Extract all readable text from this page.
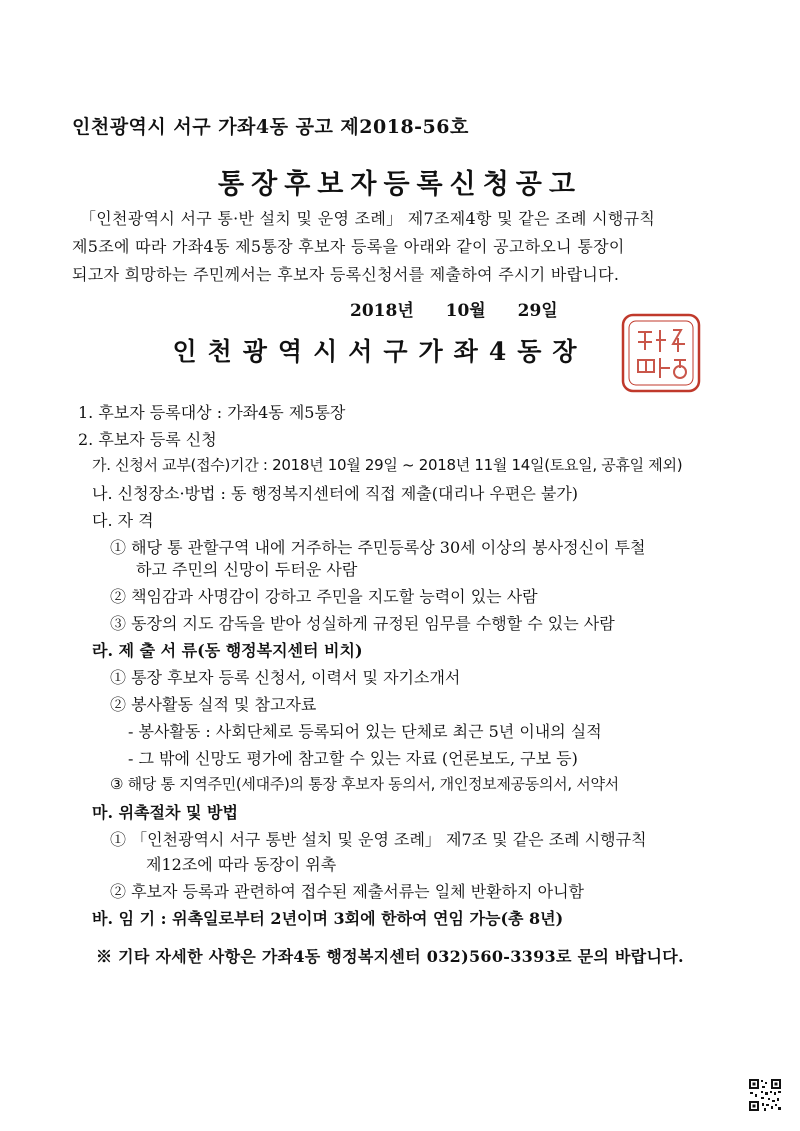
인천광역시 서구 가좌4동 공고 제2018-56호
통장후보자등록신청공고
「인천광역시 서구 통·반 설치 및 운영 조례」 제7조제4항 및 같은 조례 시행규칙
제5조에 따라 가좌4동 제5통장 후보자 등록을 아래와 같이 공고하오니 통장이
되고자 희망하는 주민께서는 후보자 등록신청서를 제출하여 주시기 바랍니다.
2018년 10월 29일
인천광역시서구가좌4동장
1. 후보자 등록대상 : 가좌4동 제5통장
2. 후보자 등록 신청
가. 신청서 교부(접수)기간 : 2018년 10월 29일 ~ 2018년 11월 14일(토요일, 공휴일 제외)
나. 신청장소·방법 : 동 행정복지센터에 직접 제출(대리나 우편은 불가)
다. 자 격
① 해당 통 관할구역 내에 거주하는 주민등록상 30세 이상의 봉사정신이 투철
하고 주민의 신망이 두터운 사람
② 책임감과 사명감이 강하고 주민을 지도할 능력이 있는 사람
③ 동장의 지도 감독을 받아 성실하게 규정된 임무를 수행할 수 있는 사람
라. 제 출 서 류(동 행정복지센터 비치)
① 통장 후보자 등록 신청서, 이력서 및 자기소개서
② 봉사활동 실적 및 참고자료
- 봉사활동 : 사회단체로 등록되어 있는 단체로 최근 5년 이내의 실적
- 그 밖에 신망도 평가에 참고할 수 있는 자료 (언론보도, 구보 등)
③ 해당 통 지역주민(세대주)의 통장 후보자 동의서, 개인정보제공동의서, 서약서
마. 위촉절차 및 방법
① 「인천광역시 서구 통반 설치 및 운영 조례」 제7조 및 같은 조례 시행규칙
제12조에 따라 동장이 위촉
② 후보자 등록과 관련하여 접수된 제출서류는 일체 반환하지 아니함
바. 임 기 : 위촉일로부터 2년이며 3회에 한하여 연임 가능(총 8년)
※ 기타 자세한 사항은 가좌4동 행정복지센터 032)560-3393로 문의 바랍니다.
